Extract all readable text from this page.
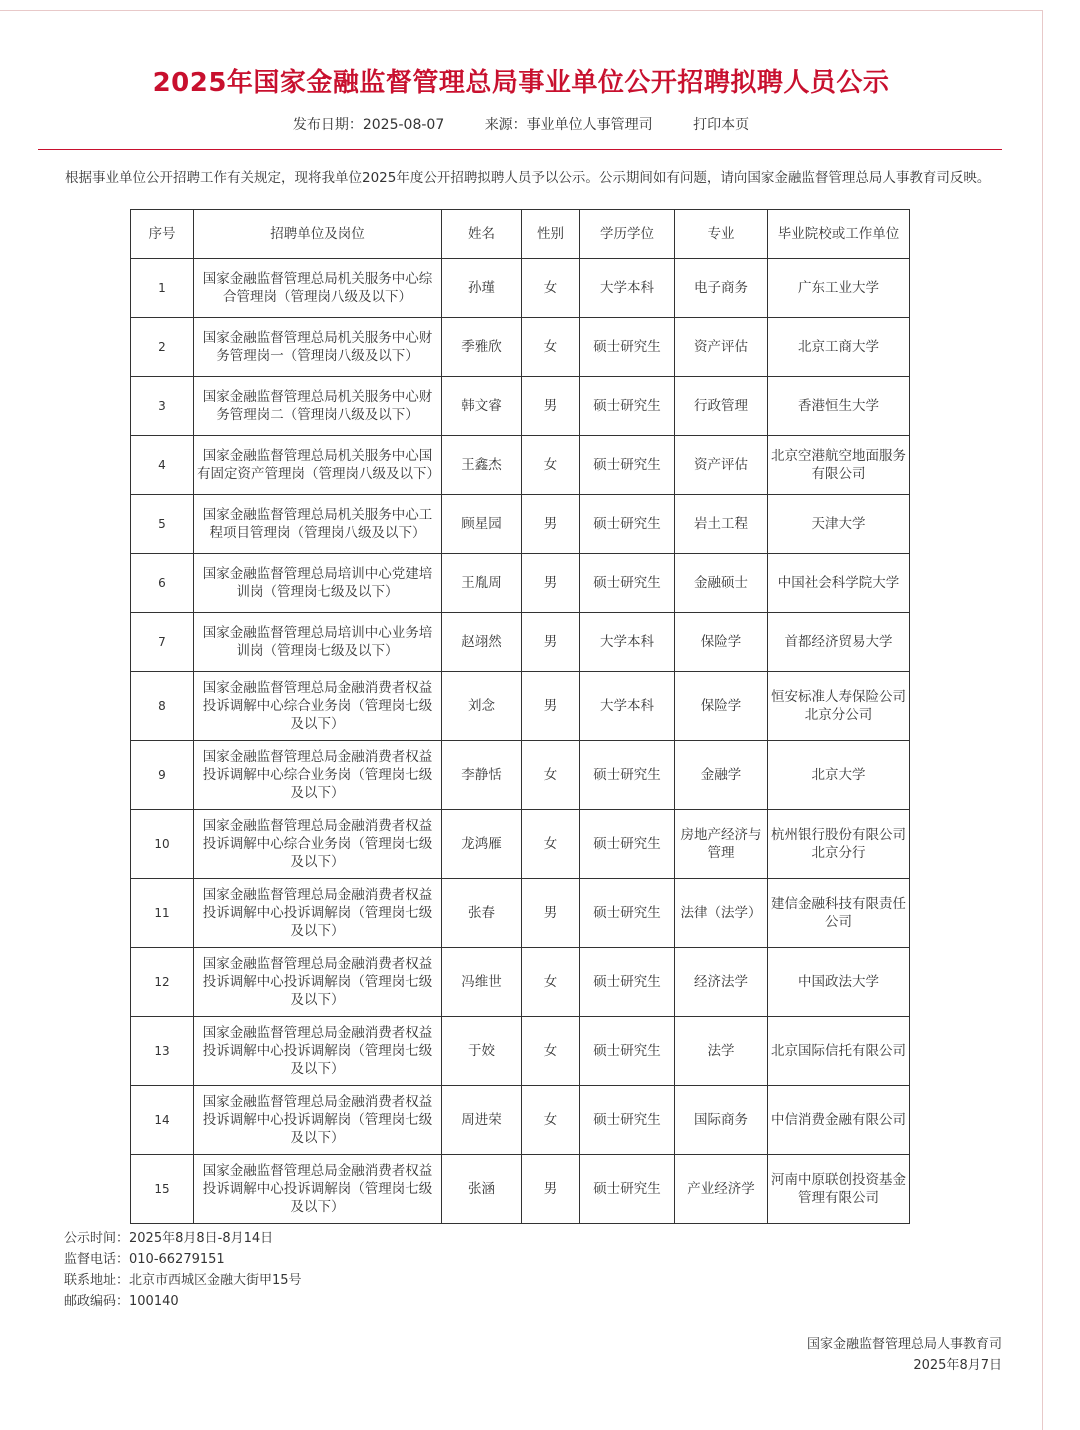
2025年国家金融监督管理总局事业单位公开招聘拟聘人员公示
发布日期：2025-08-07	来源：事业单位人事管理司	打印本页
根据事业单位公开招聘工作有关规定，现将我单位2025年度公开招聘拟聘人员予以公示。公示期间如有问题，请向国家金融监督管理总局人事教育司反映。
序号	招聘单位及岗位	姓名	性别	学历学位	专业	毕业院校或工作单位
1	国家金融监督管理总局机关服务中心综合管理岗（管理岗八级及以下）	孙瑾	女	大学本科	电子商务	广东工业大学
2	国家金融监督管理总局机关服务中心财务管理岗一（管理岗八级及以下）	季雅欣	女	硕士研究生	资产评估	北京工商大学
3	国家金融监督管理总局机关服务中心财务管理岗二（管理岗八级及以下）	韩文睿	男	硕士研究生	行政管理	香港恒生大学
4	国家金融监督管理总局机关服务中心国有固定资产管理岗（管理岗八级及以下）	王鑫杰	女	硕士研究生	资产评估	北京空港航空地面服务有限公司
5	国家金融监督管理总局机关服务中心工程项目管理岗（管理岗八级及以下）	顾星园	男	硕士研究生	岩土工程	天津大学
6	国家金融监督管理总局培训中心党建培训岗（管理岗七级及以下）	王胤周	男	硕士研究生	金融硕士	中国社会科学院大学
7	国家金融监督管理总局培训中心业务培训岗（管理岗七级及以下）	赵翊然	男	大学本科	保险学	首都经济贸易大学
8	国家金融监督管理总局金融消费者权益投诉调解中心综合业务岗（管理岗七级及以下）	刘念	男	大学本科	保险学	恒安标准人寿保险公司北京分公司
9	国家金融监督管理总局金融消费者权益投诉调解中心综合业务岗（管理岗七级及以下）	李静恬	女	硕士研究生	金融学	北京大学
10	国家金融监督管理总局金融消费者权益投诉调解中心综合业务岗（管理岗七级及以下）	龙鸿雁	女	硕士研究生	房地产经济与管理	杭州银行股份有限公司北京分行
11	国家金融监督管理总局金融消费者权益投诉调解中心投诉调解岗（管理岗七级及以下）	张春	男	硕士研究生	法律（法学）	建信金融科技有限责任公司
12	国家金融监督管理总局金融消费者权益投诉调解中心投诉调解岗（管理岗七级及以下）	冯维世	女	硕士研究生	经济法学	中国政法大学
13	国家金融监督管理总局金融消费者权益投诉调解中心投诉调解岗（管理岗七级及以下）	于姣	女	硕士研究生	法学	北京国际信托有限公司
14	国家金融监督管理总局金融消费者权益投诉调解中心投诉调解岗（管理岗七级及以下）	周进荣	女	硕士研究生	国际商务	中信消费金融有限公司
15	国家金融监督管理总局金融消费者权益投诉调解中心投诉调解岗（管理岗七级及以下）	张涵	男	硕士研究生	产业经济学	河南中原联创投资基金管理有限公司
公示时间：2025年8月8日-8月14日
监督电话：010-66279151
联系地址：北京市西城区金融大街甲15号
邮政编码：100140
国家金融监督管理总局人事教育司
2025年8月7日
